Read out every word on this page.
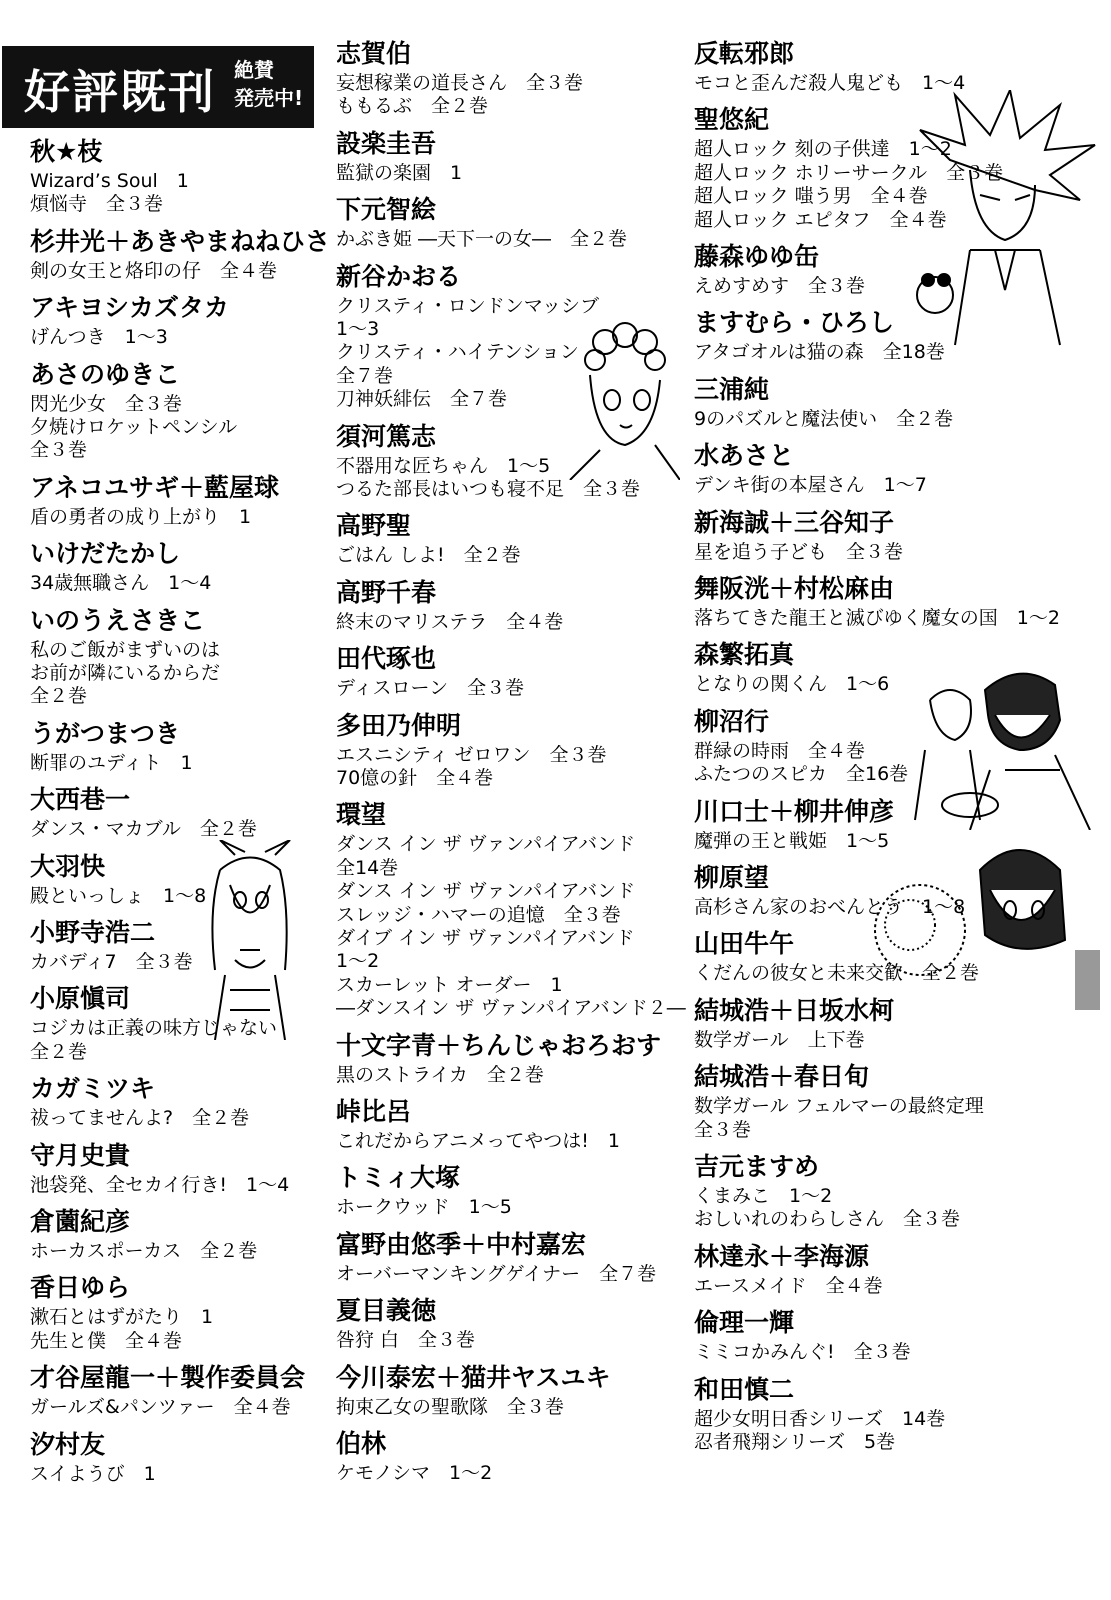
好評既刊 絶賛
発売中!
秋★枝
Wizard’s Soul　1
煩悩寺　全３巻
杉井光＋あきやまねねひさ
剣の女王と烙印の仔　全４巻
アキヨシカズタカ
げんつき　1～3
あさのゆきこ
閃光少女　全３巻
夕焼けロケットペンシル
全３巻
アネコユサギ＋藍屋球
盾の勇者の成り上がり　1
いけだたかし
34歳無職さん　1～4
いのうえさきこ
私のご飯がまずいのは
お前が隣にいるからだ
全２巻
うがつまつき
断罪のユディト　1
大西巷一
ダンス・マカブル　全２巻
大羽快
殿といっしょ　1～8
小野寺浩二
カバディ7　全３巻
小原愼司
コジカは正義の味方じゃない
全２巻
カガミツキ
祓ってませんよ?　全２巻
守月史貴
池袋発、全セカイ行き!　1～4
倉薗紀彦
ホーカスポーカス　全２巻
香日ゆら
漱石とはずがたり　1
先生と僕　全４巻
才谷屋龍一＋製作委員会
ガールズ&パンツァー　全４巻
汐村友
スイようび　1
志賀伯
妄想稼業の道長さん　全３巻
ももるぶ　全２巻
設楽圭吾
監獄の楽園　1
下元智絵
かぶき姫 ―天下一の女―　全２巻
新谷かおる
クリスティ・ロンドンマッシブ
1～3
クリスティ・ハイテンション
全７巻
刀神妖緋伝　全７巻
須河篤志
不器用な匠ちゃん　1～5
つるた部長はいつも寝不足　全３巻
高野聖
ごはん しよ!　全２巻
高野千春
終末のマリステラ　全４巻
田代琢也
ディスローン　全３巻
多田乃伸明
エスニシティ ゼロワン　全３巻
70億の針　全４巻
環望
ダンス イン ザ ヴァンパイアバンド
全14巻
ダンス イン ザ ヴァンパイアバンド
スレッジ・ハマーの追憶　全３巻
ダイブ イン ザ ヴァンパイアバンド
1～2
スカーレット オーダー　1
―ダンスイン ザ ヴァンパイアバンド２―
十文字青＋ちんじゃおろおす
黒のストライカ　全２巻
峠比呂
これだからアニメってやつは!　1
トミィ大塚
ホークウッド　1～5
富野由悠季＋中村嘉宏
オーバーマンキングゲイナー　全７巻
夏目義徳
咎狩 白　全３巻
今川泰宏＋猫井ヤスユキ
拘束乙女の聖歌隊　全３巻
伯林
ケモノシマ　1～2
反転邪郎
モコと歪んだ殺人鬼ども　1～4
聖悠紀
超人ロック 刻の子供達　1～2
超人ロック ホリーサークル　全３巻
超人ロック 嗤う男　全４巻
超人ロック エピタフ　全４巻
藤森ゆゆ缶
えめすめす　全３巻
ますむら・ひろし
アタゴオルは猫の森　全18巻
三浦純
9のパズルと魔法使い　全２巻
水あさと
デンキ街の本屋さん　1～7
新海誠＋三谷知子
星を追う子ども　全３巻
舞阪洸＋村松麻由
落ちてきた龍王と滅びゆく魔女の国　1～2
森繁拓真
となりの関くん　1～6
柳沼行
群緑の時雨　全４巻
ふたつのスピカ　全16巻
川口士＋柳井伸彦
魔弾の王と戦姫　1～5
柳原望
高杉さん家のおべんとう　1～8
山田牛午
くだんの彼女と未来交歓　全２巻
結城浩＋日坂水柯
数学ガール　上下巻
結城浩＋春日旬
数学ガール フェルマーの最終定理
全３巻
吉元ますめ
くまみこ　1～2
おしいれのわらしさん　全３巻
林達永＋李海源
エースメイド　全４巻
倫理一輝
ミミコかみんぐ!　全３巻
和田慎二
超少女明日香シリーズ　14巻
忍者飛翔シリーズ　5巻
